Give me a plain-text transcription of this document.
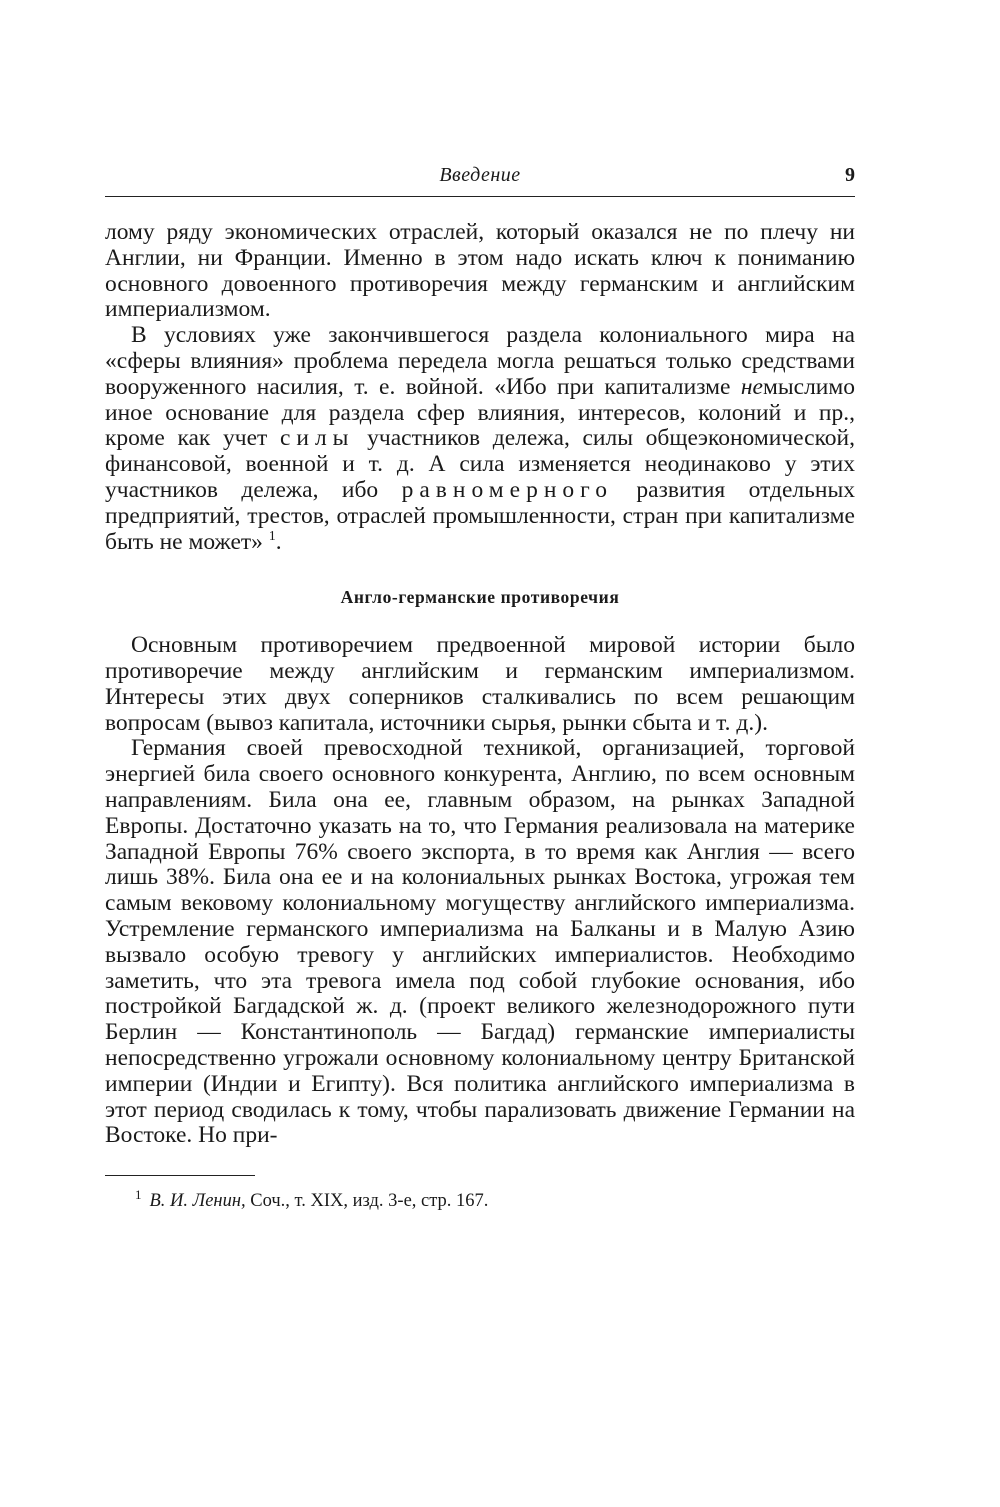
Введение	9

лому ряду экономических отраслей, который оказался не по плечу ни Англии, ни Франции. Именно в этом надо искать ключ к пониманию основного довоенного противоречия между германским и английским империализмом.

В условиях уже закончившегося раздела колониального мира на «сферы влияния» проблема передела могла решаться только средствами вооруженного насилия, т. е. войной. «Ибо при капитализме немыслимо иное основание для раздела сфер влияния, интересов, колоний и пр., кроме как учет силы участников дележа, силы общеэкономической, финансовой, военной и т. д. А сила изменяется неодинаково у этих участников дележа, ибо равномерного развития отдельных предприятий, трестов, отраслей промышленности, стран при капитализме быть не может» $^1$.

Англо-германские противоречия

Основным противоречием предвоенной мировой истории было противоречие между английским и германским империализмом. Интересы этих двух соперников сталкивались по всем решающим вопросам (вывоз капитала, источники сырья, рынки сбыта и т. д.).

Германия своей превосходной техникой, организацией, торговой энергией била своего основного конкурента, Англию, по всем основным направлениям. Била она ее, главным образом, на рынках Западной Европы. Достаточно указать на то, что Германия реализовала на материке Западной Европы 76% своего экспорта, в то время как Англия — всего лишь 38%. Била она ее и на колониальных рынках Востока, угрожая тем самым вековому колониальному могуществу английского империализма. Устремление германского империализма на Балканы и в Малую Азию вызвало особую тревогу у английских империалистов. Необходимо заметить, что эта тревога имела под собой глубокие основания, ибо постройкой Багдадской ж. д. (проект великого железнодорожного пути Берлин — Константинополь — Багдад) германские империалисты непосредственно угрожали основному колониальному центру Британской империи (Индии и Египту). Вся политика английского империализма в этот период сводилась к тому, чтобы парализовать движение Германии на Востоке. Но при-

$^1$ В. И. Ленин, Соч., т. XIX, изд. 3-е, стр. 167.
